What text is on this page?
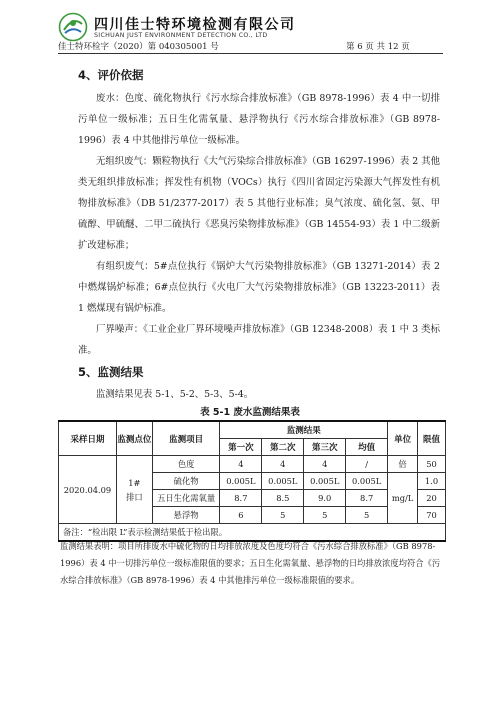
四川佳士特环境检测有限公司
SICHUAN JUST ENVIRONMENT DETECTION CO., LTD
佳士特环检字（2020）第 040305001 号	第 6 页 共 12 页
4、评价依据

废水：色度、硫化物执行《污水综合排放标准》（GB 8978-1996）表 4 中一切排污单位一级标准；五日生化需氧量、悬浮物执行《污水综合排放标准》（GB 8978-1996）表 4 中其他排污单位一级标准。

无组织废气：颗粒物执行《大气污染综合排放标准》（GB 16297-1996）表 2 其他类无组织排放标准；挥发性有机物（VOCs）执行《四川省固定污染源大气挥发性有机物排放标准》（DB 51/2377-2017）表 5 其他行业标准；臭气浓度、硫化氢、氨、甲硫醇、甲硫醚、二甲二硫执行《恶臭污染物排放标准》（GB 14554-93）表 1 中二级新扩改建标准；

有组织废气：5#点位执行《锅炉大气污染物排放标准》（GB 13271-2014）表 2 中燃煤锅炉标准；6#点位执行《火电厂大气污染物排放标准》（GB 13223-2011）表 1 燃煤现有锅炉标准。

厂界噪声：《工业企业厂界环境噪声排放标准》（GB 12348-2008）表 1 中 3 类标准。

5、监测结果

监测结果见表 5-1、5-2、5-3、5-4。

表 5-1 废水监测结果表
采样日期	监测点位	监测项目	监测结果				单位	限值
			第一次	第二次	第三次	均值		
2020.04.09	1#排口	色度	4	4	4	/	倍	50
		硫化物	0.005L	0.005L	0.005L	0.005L	mg/L	1.0
		五日生化需氧量	8.7	8.5	9.0	8.7		20
		悬浮物	6	5	5	5		70
备注：“检出限 L”表示检测结果低于检出限。								

监测结果表明：项目所排废水中硫化物的日均排放浓度及色度均符合《污水综合排放标准》（GB 8978-1996）表 4 中一切排污单位一级标准限值的要求；五日生化需氧量、悬浮物的日均排放浓度均符合《污水综合排放标准》（GB 8978-1996）表 4 中其他排污单位一级标准限值的要求。
